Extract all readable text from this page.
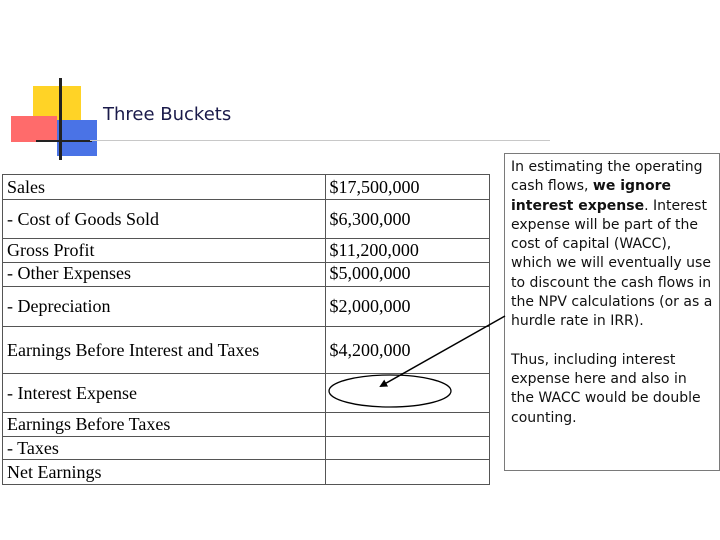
Three Buckets
Sales	$17,500,000
- Cost of Goods Sold	$6,300,000
Gross Profit	$11,200,000
- Other Expenses	$5,000,000
- Depreciation	$2,000,000
Earnings Before Interest and Taxes	$4,200,000
- Interest Expense	
Earnings Before Taxes	
- Taxes	
Net Earnings	

In estimating the operating cash flows, we ignore interest expense. Interest expense will be part of the cost of capital (WACC), which we will eventually use to discount the cash flows in the NPV calculations (or as a hurdle rate in IRR).

Thus, including interest expense here and also in the WACC would be double counting.
